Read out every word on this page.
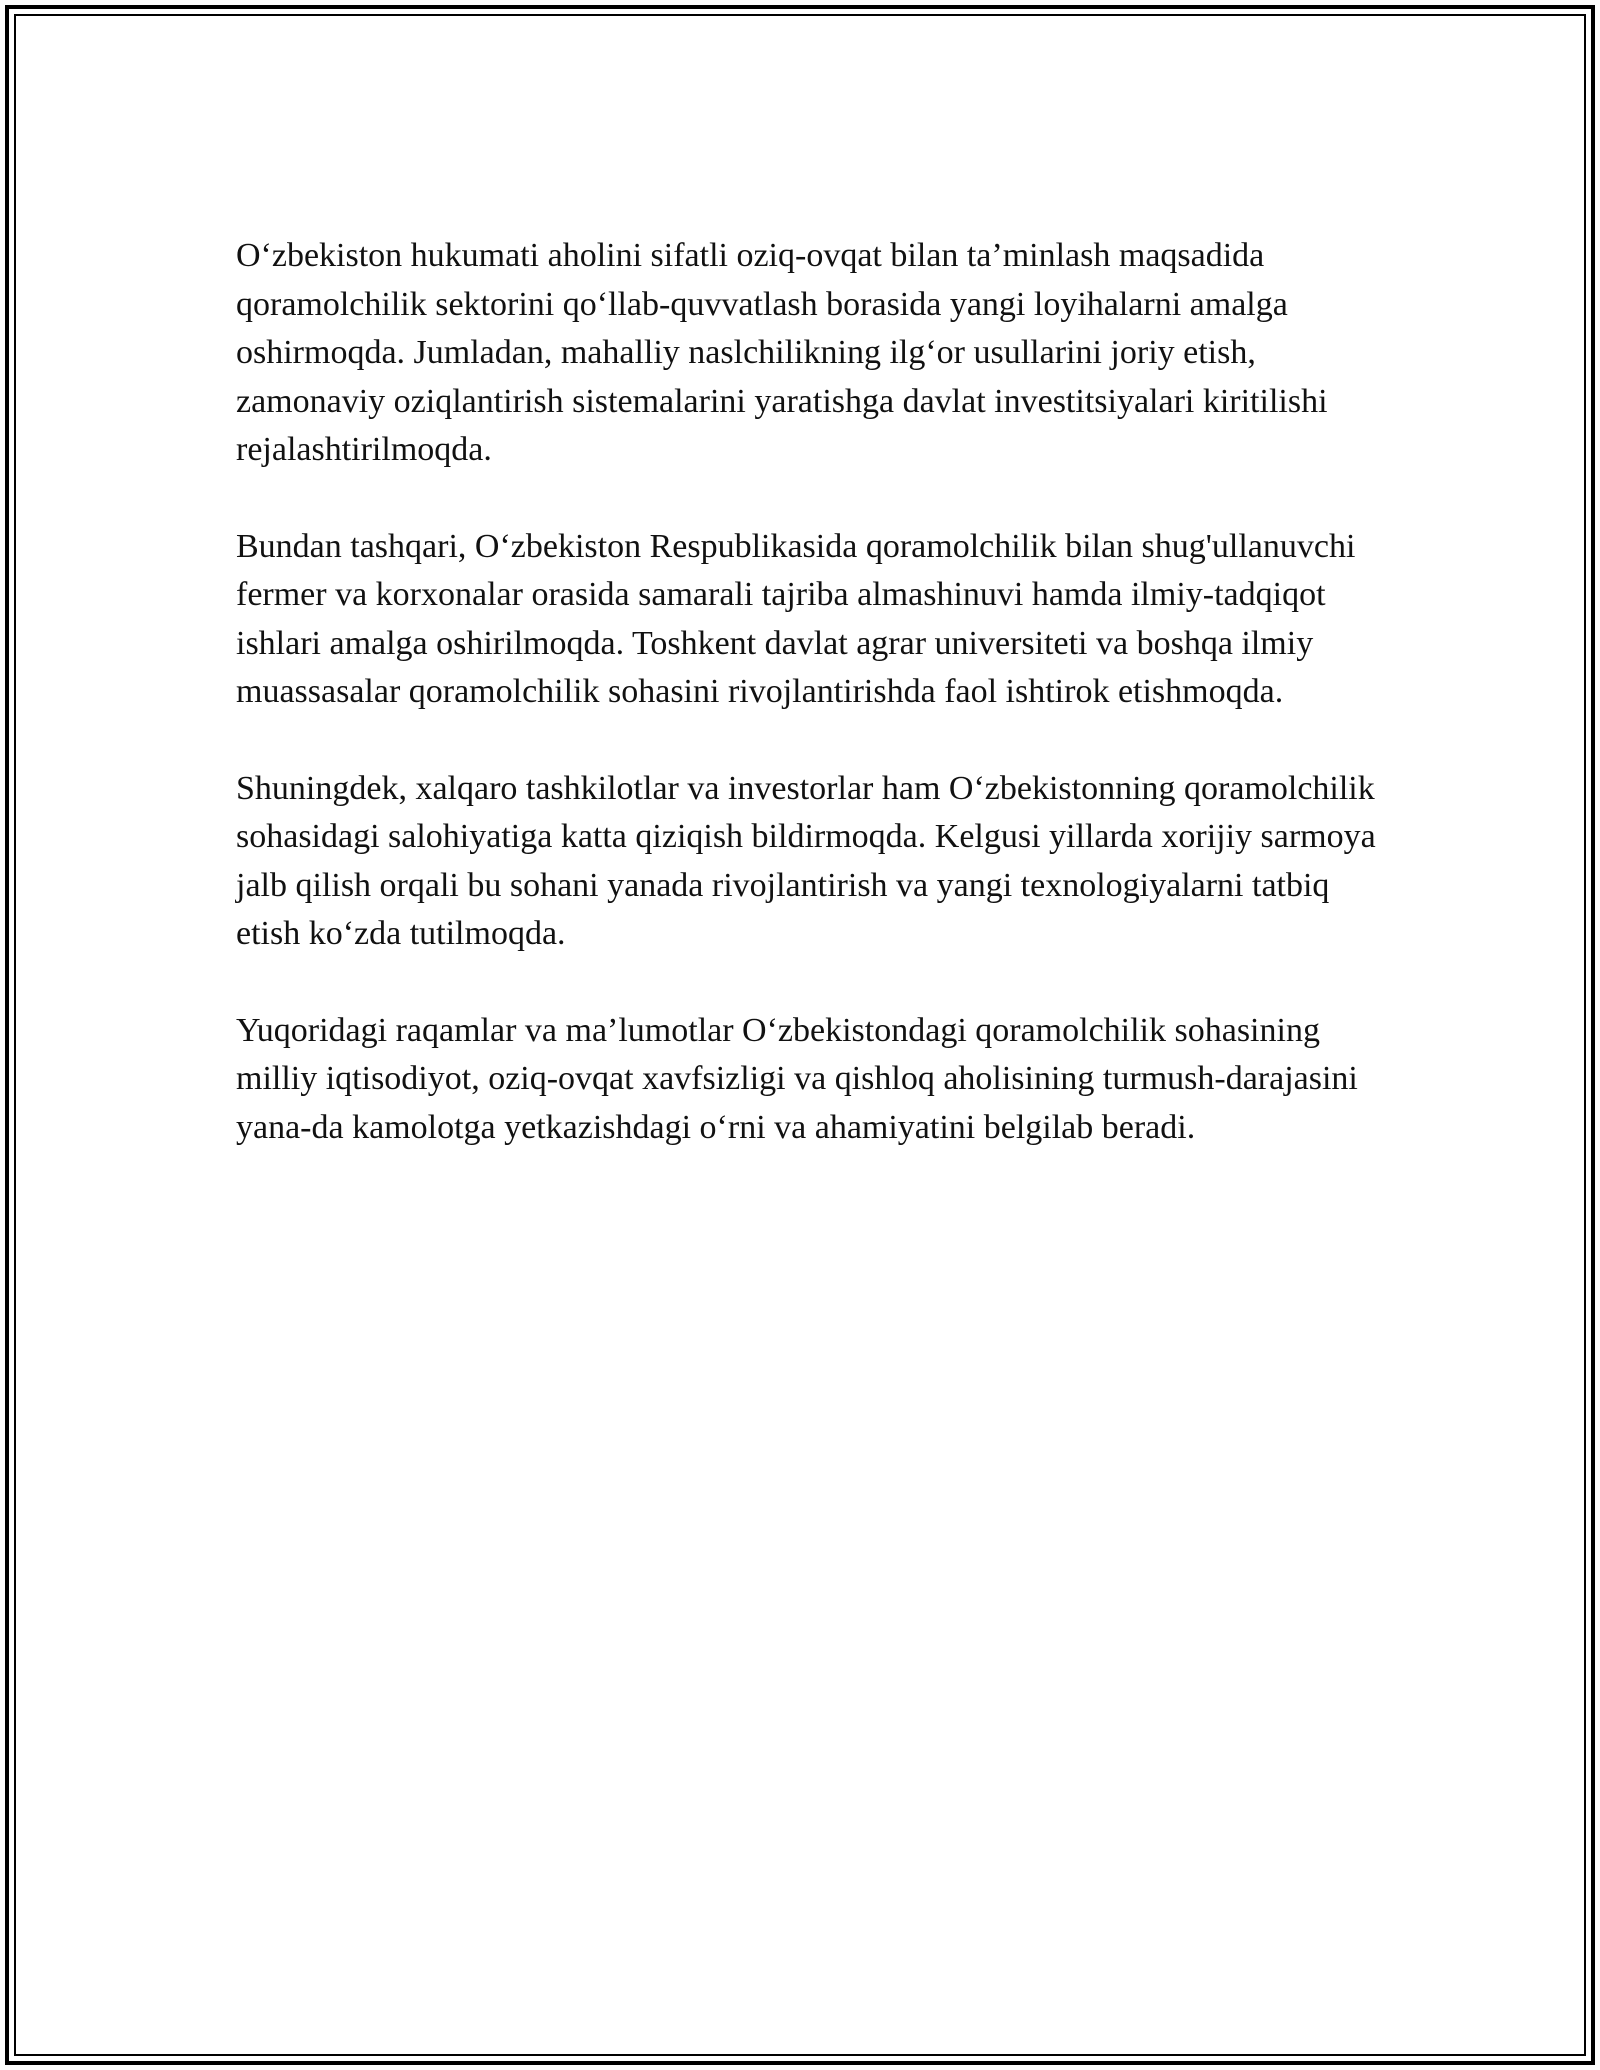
O‘zbekiston hukumati aholini sifatli oziq-ovqat bilan ta’minlash maqsadida qoramolchilik sektorini qo‘llab-quvvatlash borasida yangi loyihalarni amalga oshirmoqda. Jumladan, mahalliy naslchilikning ilg‘or usullarini joriy etish, zamonaviy oziqlantirish sistemalarini yaratishga davlat investitsiyalari kiritilishi rejalashtirilmoqda.

Bundan tashqari, O‘zbekiston Respublikasida qoramolchilik bilan shug'ullanuvchi fermer va korxonalar orasida samarali tajriba almashinuvi hamda ilmiy-tadqiqot ishlari amalga oshirilmoqda. Toshkent davlat agrar universiteti va boshqa ilmiy muassasalar qoramolchilik sohasini rivojlantirishda faol ishtirok etishmoqda.

Shuningdek, xalqaro tashkilotlar va investorlar ham O‘zbekistonning qoramolchilik sohasidagi salohiyatiga katta qiziqish bildirmoqda. Kelgusi yillarda xorijiy sarmoya jalb qilish orqali bu sohani yanada rivojlantirish va yangi texnologiyalarni tatbiq etish ko‘zda tutilmoqda.

Yuqoridagi raqamlar va ma’lumotlar O‘zbekistondagi qoramolchilik sohasining milliy iqtisodiyot, oziq-ovqat xavfsizligi va qishloq aholisining turmush-darajasini yana-da kamolotga yetkazishdagi o‘rni va ahamiyatini belgilab beradi.
